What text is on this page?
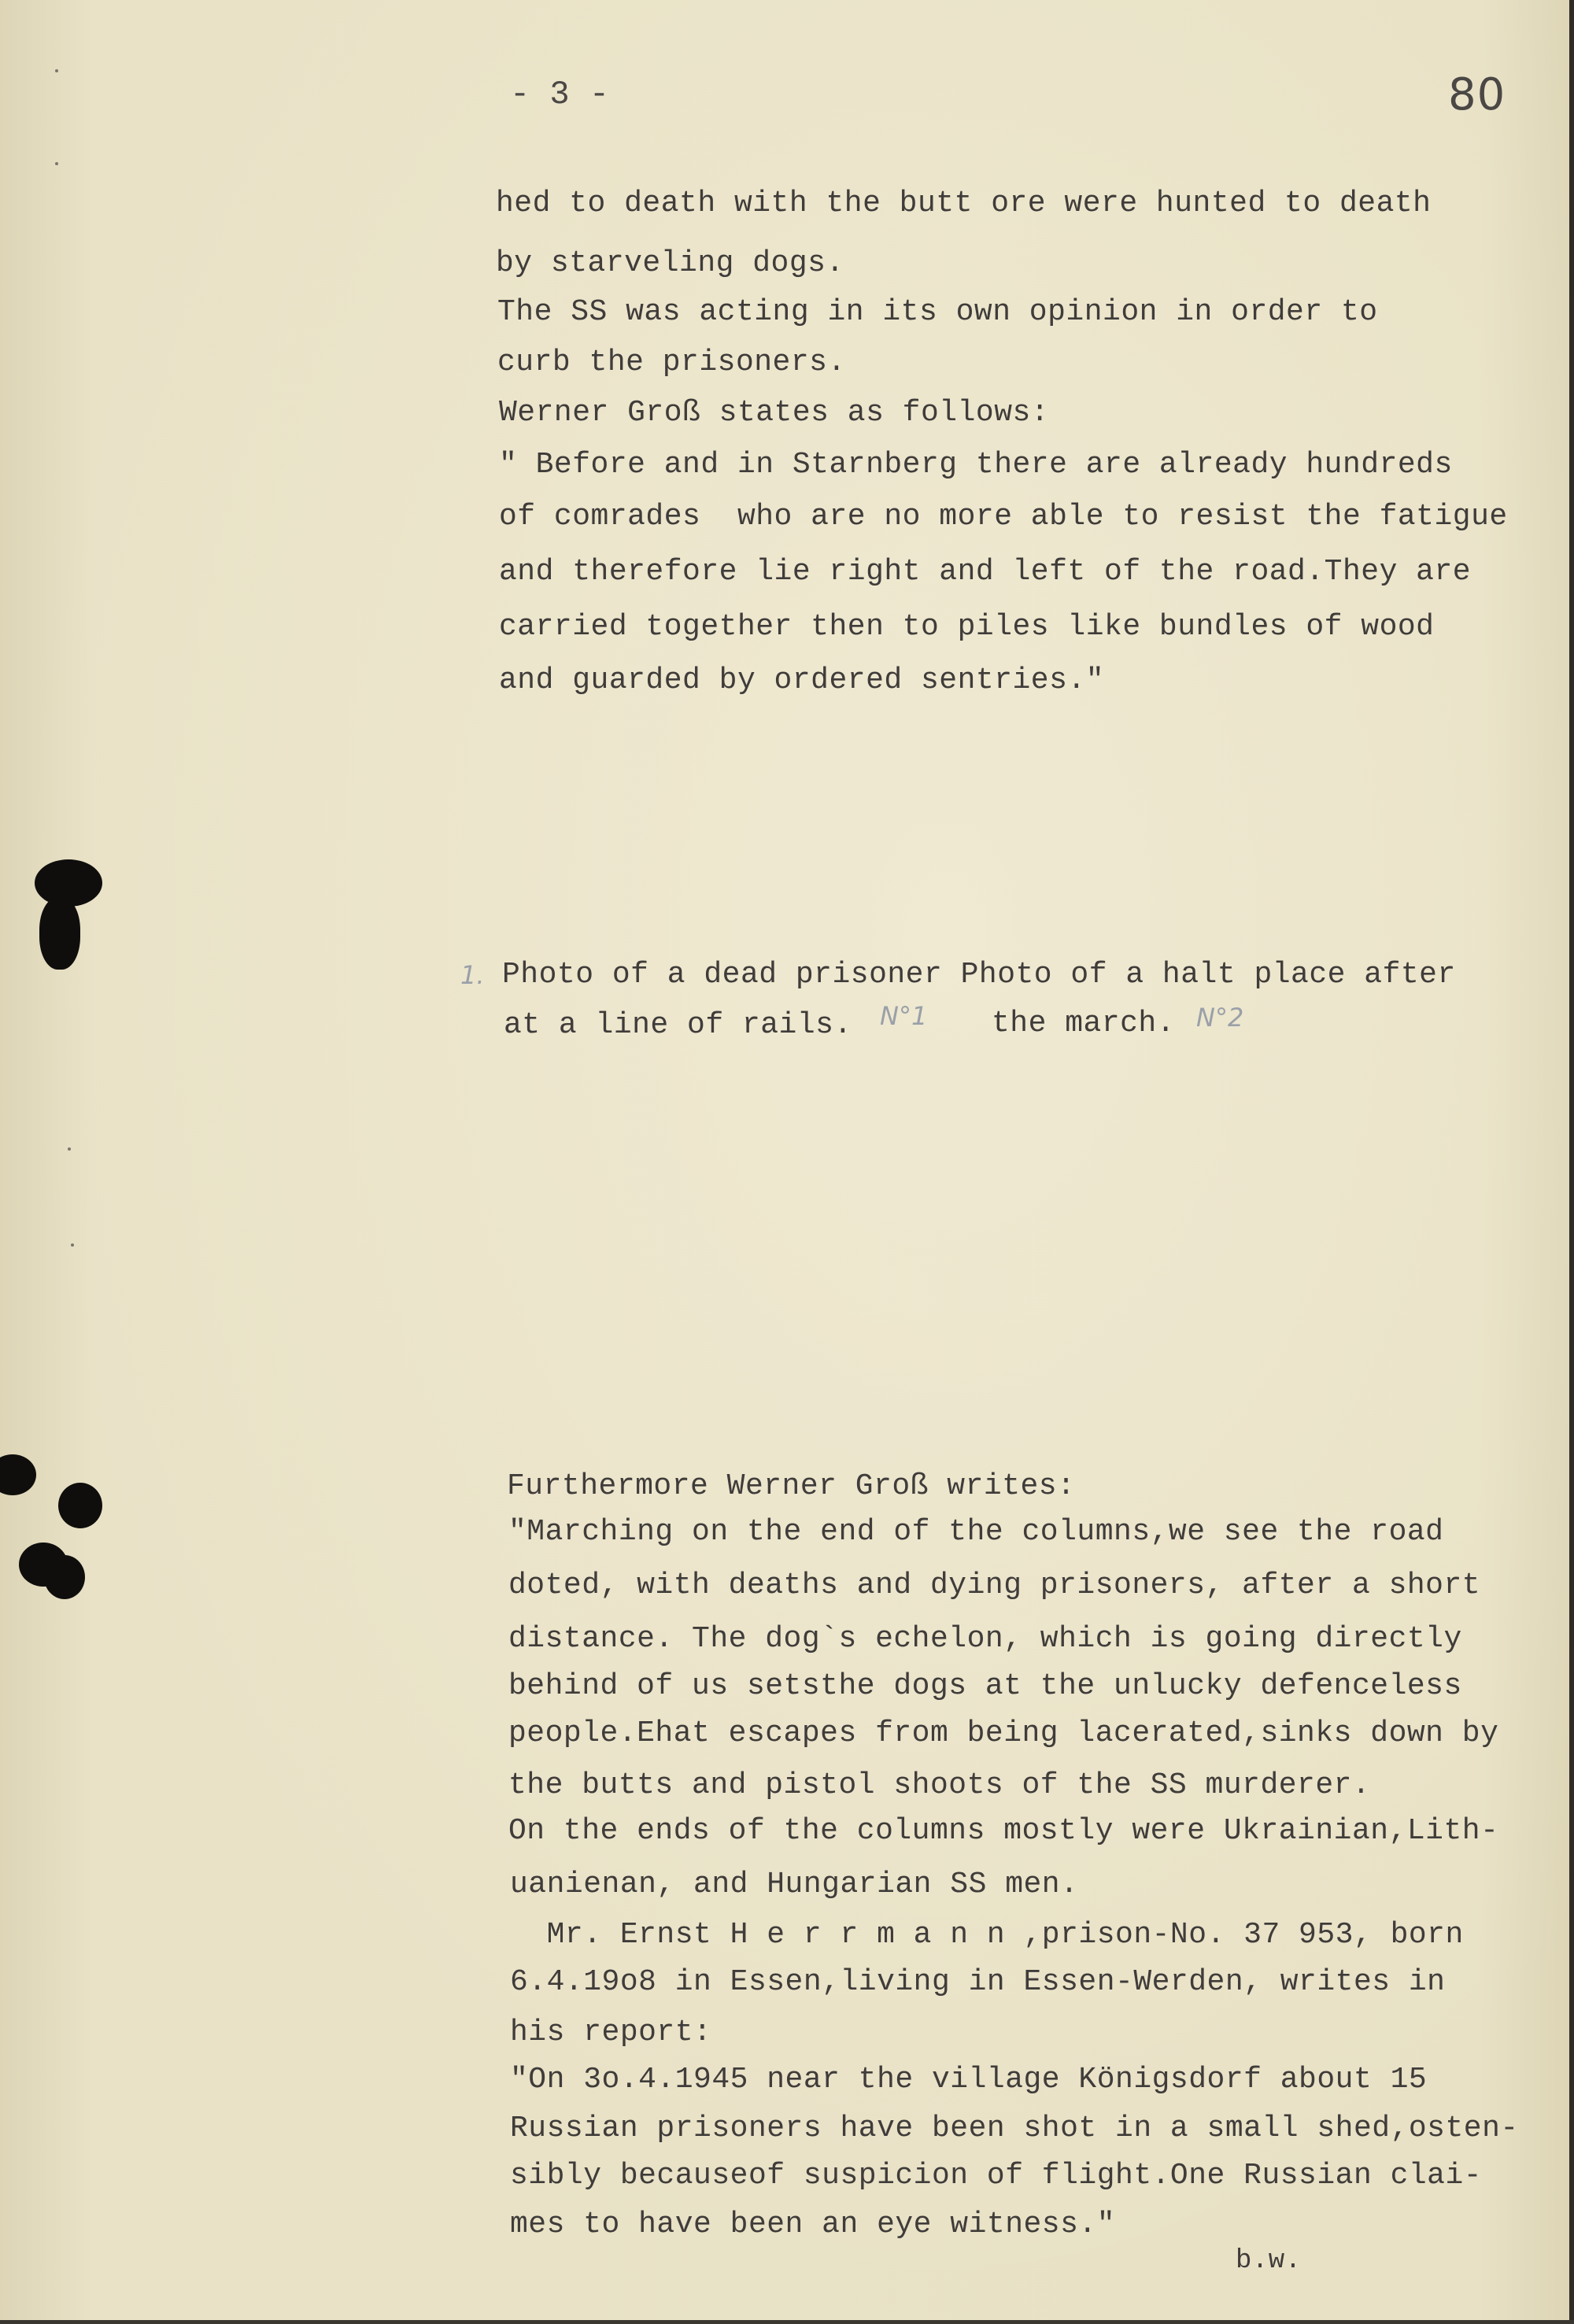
- 3 -	80
hed to death with the butt ore were hunted to death
by starveling dogs.
The SS was acting in its own opinion in order to
curb the prisoners.
Werner Groß states as follows:
" Before and in Starnberg there are already hundreds
of comrades  who are no more able to resist the fatigue
and therefore lie right and left of the road.They are
carried together then to piles like bundles of wood
and guarded by ordered sentries."
1. Photo of a dead prisoner Photo of a halt place after
at a line of rails. N°1 the march. N°2
Furthermore Werner Groß writes:
"Marching on the end of the columns,we see the road
doted, with deaths and dying prisoners, after a short
distance. The dog`s echelon, which is going directly
behind of us setsthe dogs at the unlucky defenceless
people.Ehat escapes from being lacerated,sinks down by
the butts and pistol shoots of the SS murderer.
On the ends of the columns mostly were Ukrainian,Lith-
uanienan, and Hungarian SS men.
Mr. Ernst H e r r m a n n ,prison-No. 37 953, born
6.4.19o8 in Essen,living in Essen-Werden, writes in
his report:
"On 3o.4.1945 near the village Königsdorf about 15
Russian prisoners have been shot in a small shed,osten-
sibly becauseof suspicion of flight.One Russian clai-
mes to have been an eye witness."
b.w.
